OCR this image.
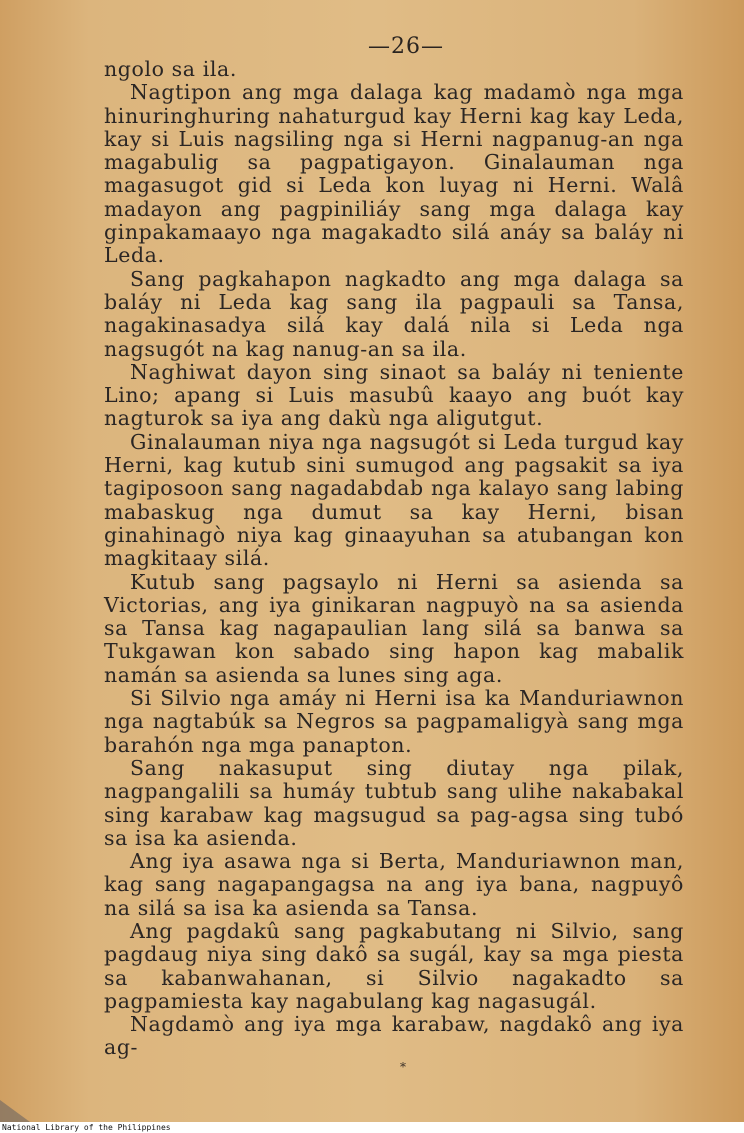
—26—

ngolo sa ila.

Nagtipon ang mga dalaga kag madamò nga mga hinuringhuring nahaturgud kay Herni kag kay Leda, kay si Luis nagsiling nga si Herni nagpanug-an nga magabulig sa pagpatigayon. Ginalauman nga magasugot gid si Leda kon luyag ni Herni. Walâ madayon ang pagpiniliáy sang mga dalaga kay ginpakamaayo nga magakadto silá anáy sa baláy ni Leda.

Sang pagkahapon nagkadto ang mga dalaga sa baláy ni Leda kag sang ila pagpauli sa Tansa, nagakinasadya silá kay dalá nila si Leda nga nagsugót na kag nanug-an sa ila.

Naghiwat dayon sing sinaot sa baláy ni teniente Lino; apang si Luis masubû kaayo ang buót kay nagturok sa iya ang dakù nga aligutgut.

Ginalauman niya nga nagsugót si Leda turgud kay Herni, kag kutub sini sumugod ang pagsakit sa iya tagiposoon sang nagadabdab nga kalayo sang labing mabaskug nga dumut sa kay Herni, bisan ginahinagò niya kag ginaayuhan sa atubangan kon magkitaay silá.

Kutub sang pagsaylo ni Herni sa asienda sa Victorias, ang iya ginikaran nagpuyò na sa asienda sa Tansa kag nagapaulian lang silá sa banwa sa Tukgawan kon sabado sing hapon kag mabalik namán sa asienda sa lunes sing aga.

Si Silvio nga amáy ni Herni isa ka Manduriawnon nga nagtabúk sa Negros sa pagpamaligyà sang mga barahón nga mga panapton.

Sang nakasuput sing diutay nga pilak, nagpangalili sa humáy tubtub sang ulihe nakabakal sing karabaw kag magsugud sa pag-agsa sing tubó sa isa ka asienda.

Ang iya asawa nga si Berta, Manduriawnon man, kag sang nagapangagsa na ang iya bana, nagpuyô na silá sa isa ka asienda sa Tansa.

Ang pagdakû sang pagkabutang ni Silvio, sang pagdaug niya sing dakô sa sugál, kay sa mga piesta sa kabanwahanan, si Silvio nagakadto sa pagpamiesta kay nagabulang kag nagasugál.

Nagdamò ang iya mga karabaw, nagdakô ang iya ag-

*
National Library of the Philippines
